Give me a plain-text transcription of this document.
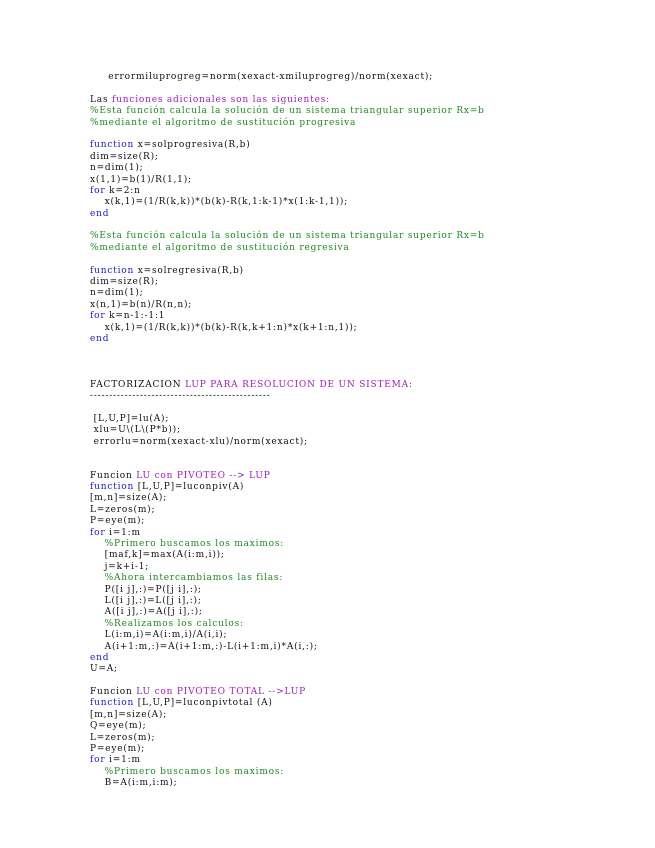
errormiluprogreg=norm(xexact-xmiluprogreg)/norm(xexact);
Las funciones adicionales son las siguientes:
%Esta función calcula la solución de un sistema triangular superior Rx=b
%mediante el algoritmo de sustitución progresiva
function x=solprogresiva(R,b)
dim=size(R);
n=dim(1);
x(1,1)=b(1)/R(1,1);
for k=2:n
x(k,1)=(1/R(k,k))*(b(k)-R(k,1:k-1)*x(1:k-1,1));
end
%Esta función calcula la solución de un sistema triangular superior Rx=b
%mediante el algoritmo de sustitución regresiva
function x=solregresiva(R,b)
dim=size(R);
n=dim(1);
x(n,1)=b(n)/R(n,n);
for k=n-1:-1:1
x(k,1)=(1/R(k,k))*(b(k)-R(k,k+1:n)*x(k+1:n,1));
end
FACTORIZACION LUP PARA RESOLUCION DE UN SISTEMA:
-----------------------------------------------
[L,U,P]=lu(A);
xlu=U\(L\(P*b));
errorlu=norm(xexact-xlu)/norm(xexact);
Funcion LU con PIVOTEO --> LUP
function [L,U,P]=luconpiv(A)
[m,n]=size(A);
L=zeros(m);
P=eye(m);
for i=1:m
%Primero buscamos los maximos:
[maf,k]=max(A(i:m,i));
j=k+i-1;
%Ahora intercambiamos las filas:
P([i j],:)=P([j i],:);
L([i j],:)=L([j i],:);
A([i j],:)=A([j i],:);
%Realizamos los calculos:
L(i:m,i)=A(i:m,i)/A(i,i);
A(i+1:m,:)=A(i+1:m,:)-L(i+1:m,i)*A(i,:);
end
U=A;
Funcion LU con PIVOTEO TOTAL -->LUP
function [L,U,P]=luconpivtotal (A)
[m,n]=size(A);
Q=eye(m);
L=zeros(m);
P=eye(m);
for i=1:m
%Primero buscamos los maximos:
B=A(i:m,i:m);
